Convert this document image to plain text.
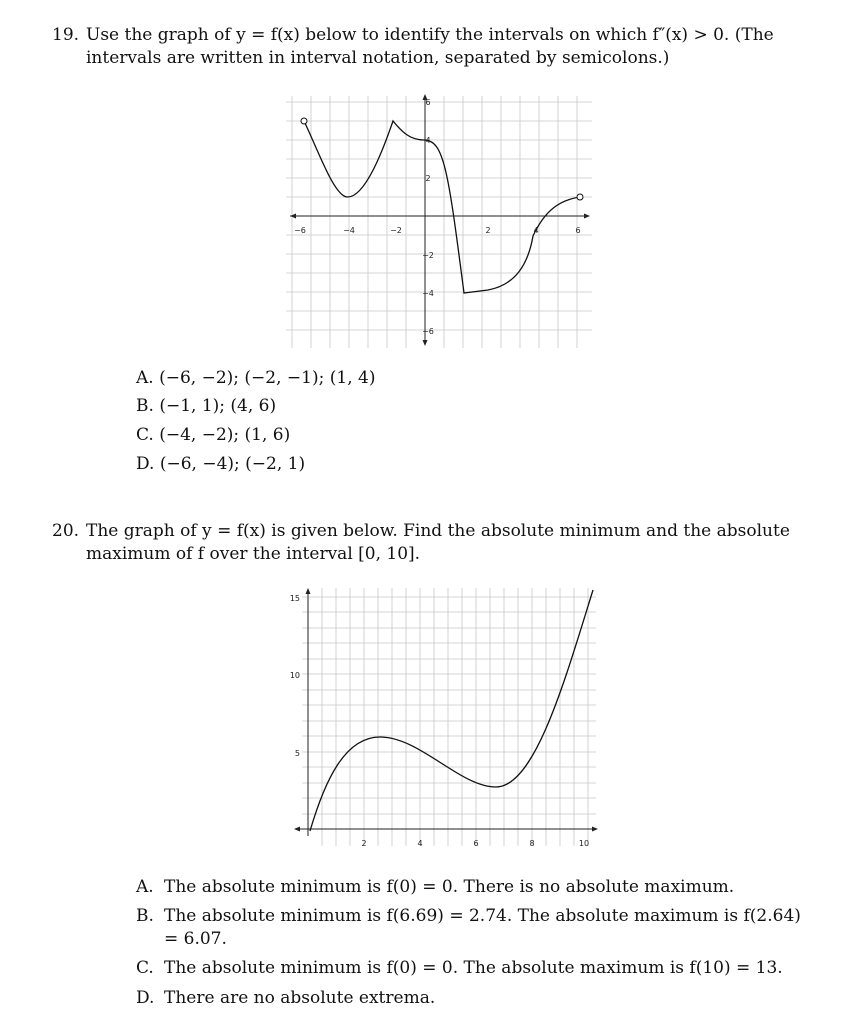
19. Use the graph of y = f(x) below to identify the intervals on which f″(x) > 0. (The intervals are written in interval notation, separated by semicolons.)
−6	−4	−2	2	4	6
6
4
2
−2
−4
−6
A. (−6, −2); (−2, −1); (1, 4)
B. (−1, 1); (4, 6)
C. (−4, −2); (1, 6)
D. (−6, −4); (−2, 1)
20. The graph of y = f(x) is given below. Find the absolute minimum and the absolute maximum of f over the interval [0, 10].
2	4	6	8	10
15
10
5
A. The absolute minimum is f(0) = 0. There is no absolute maximum.
B. The absolute minimum is f(6.69) = 2.74. The absolute maximum is f(2.64) = 6.07.
C. The absolute minimum is f(0) = 0. The absolute maximum is f(10) = 13.
D. There are no absolute extrema.
